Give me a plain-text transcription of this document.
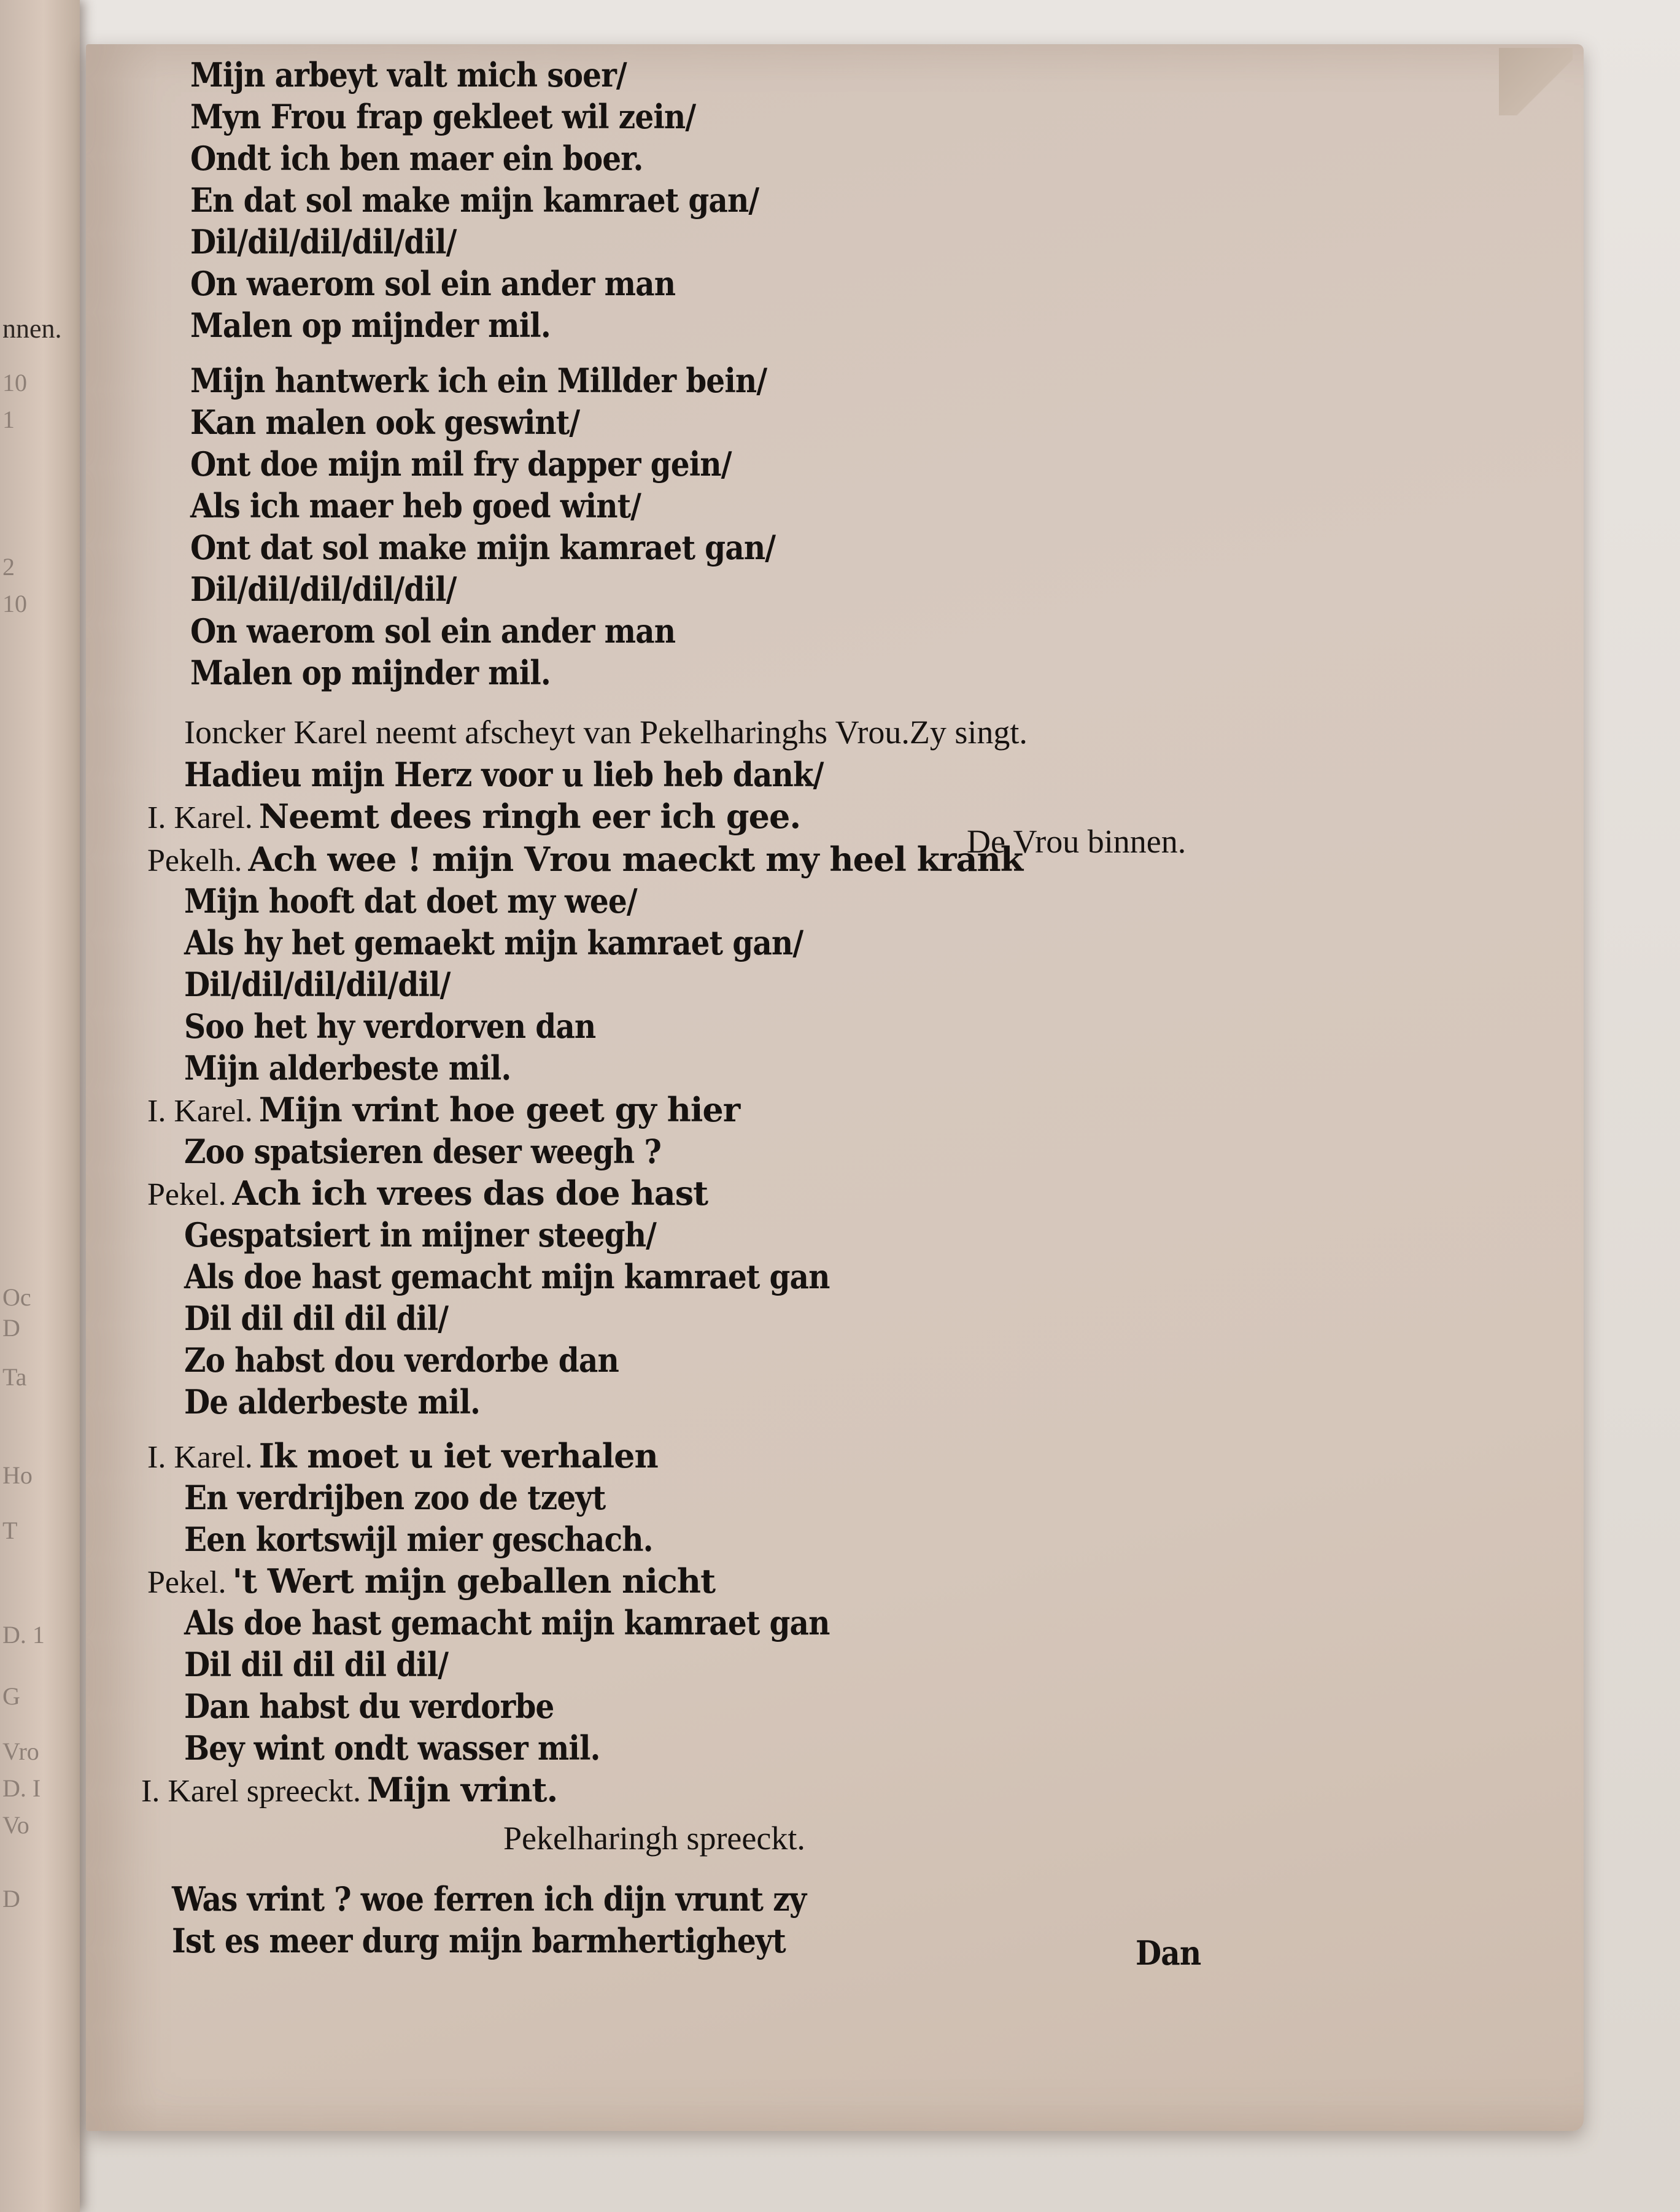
nnen.
10
1
2
10
Oc
D
Ta
Ho
T
D. 1
G
Vro
D. I
Vo
D
Mijn arbeyt valt mich soer/
Myn Frou frap gekleet wil zein/
Ondt ich ben maer ein boer.
En dat sol make mijn kamraet gan/
Dil/dil/dil/dil/dil/
On waerom sol ein ander man
Malen op mijnder mil.
Mijn hantwerk ich ein Millder bein/
Kan malen ook geswint/
Ont doe mijn mil fry dapper gein/
Als ich maer heb goed wint/
Ont dat sol make mijn kamraet gan/
Dil/dil/dil/dil/dil/
On waerom sol ein ander man
Malen op mijnder mil.
Ioncker Karel neemt afscheyt van Pekelharinghs Vrou.Zy singt.
Hadieu mijn Herz voor u lieb heb dank/
I. Karel. Neemt dees ringh eer ich gee.
De Vrou binnen.
Pekelh. Ach wee ! mijn Vrou maeckt my heel krank
Mijn hooft dat doet my wee/
Als hy het gemaekt mijn kamraet gan/
Dil/dil/dil/dil/dil/
Soo het hy verdorven dan
Mijn alderbeste mil.
I. Karel. Mijn vrint hoe geet gy hier
Zoo spatsieren deser weegh ?
Pekel. Ach ich vrees das doe hast
Gespatsiert in mijner steegh/
Als doe hast gemacht mijn kamraet gan
Dil dil dil dil dil/
Zo habst dou verdorbe dan
De alderbeste mil.
I. Karel. Ik moet u iet verhalen
En verdrijben zoo de tzeyt
Een kortswijl mier geschach.
Pekel. 't Wert mijn geballen nicht
Als doe hast gemacht mijn kamraet gan
Dil dil dil dil dil/
Dan habst du verdorbe
Bey wint ondt wasser mil.
I. Karel spreeckt. Mijn vrint.
Pekelharingh spreeckt.
Was vrint ? woe ferren ich dijn vrunt zy
Ist es meer durg mijn barmhertigheyt	Dan
